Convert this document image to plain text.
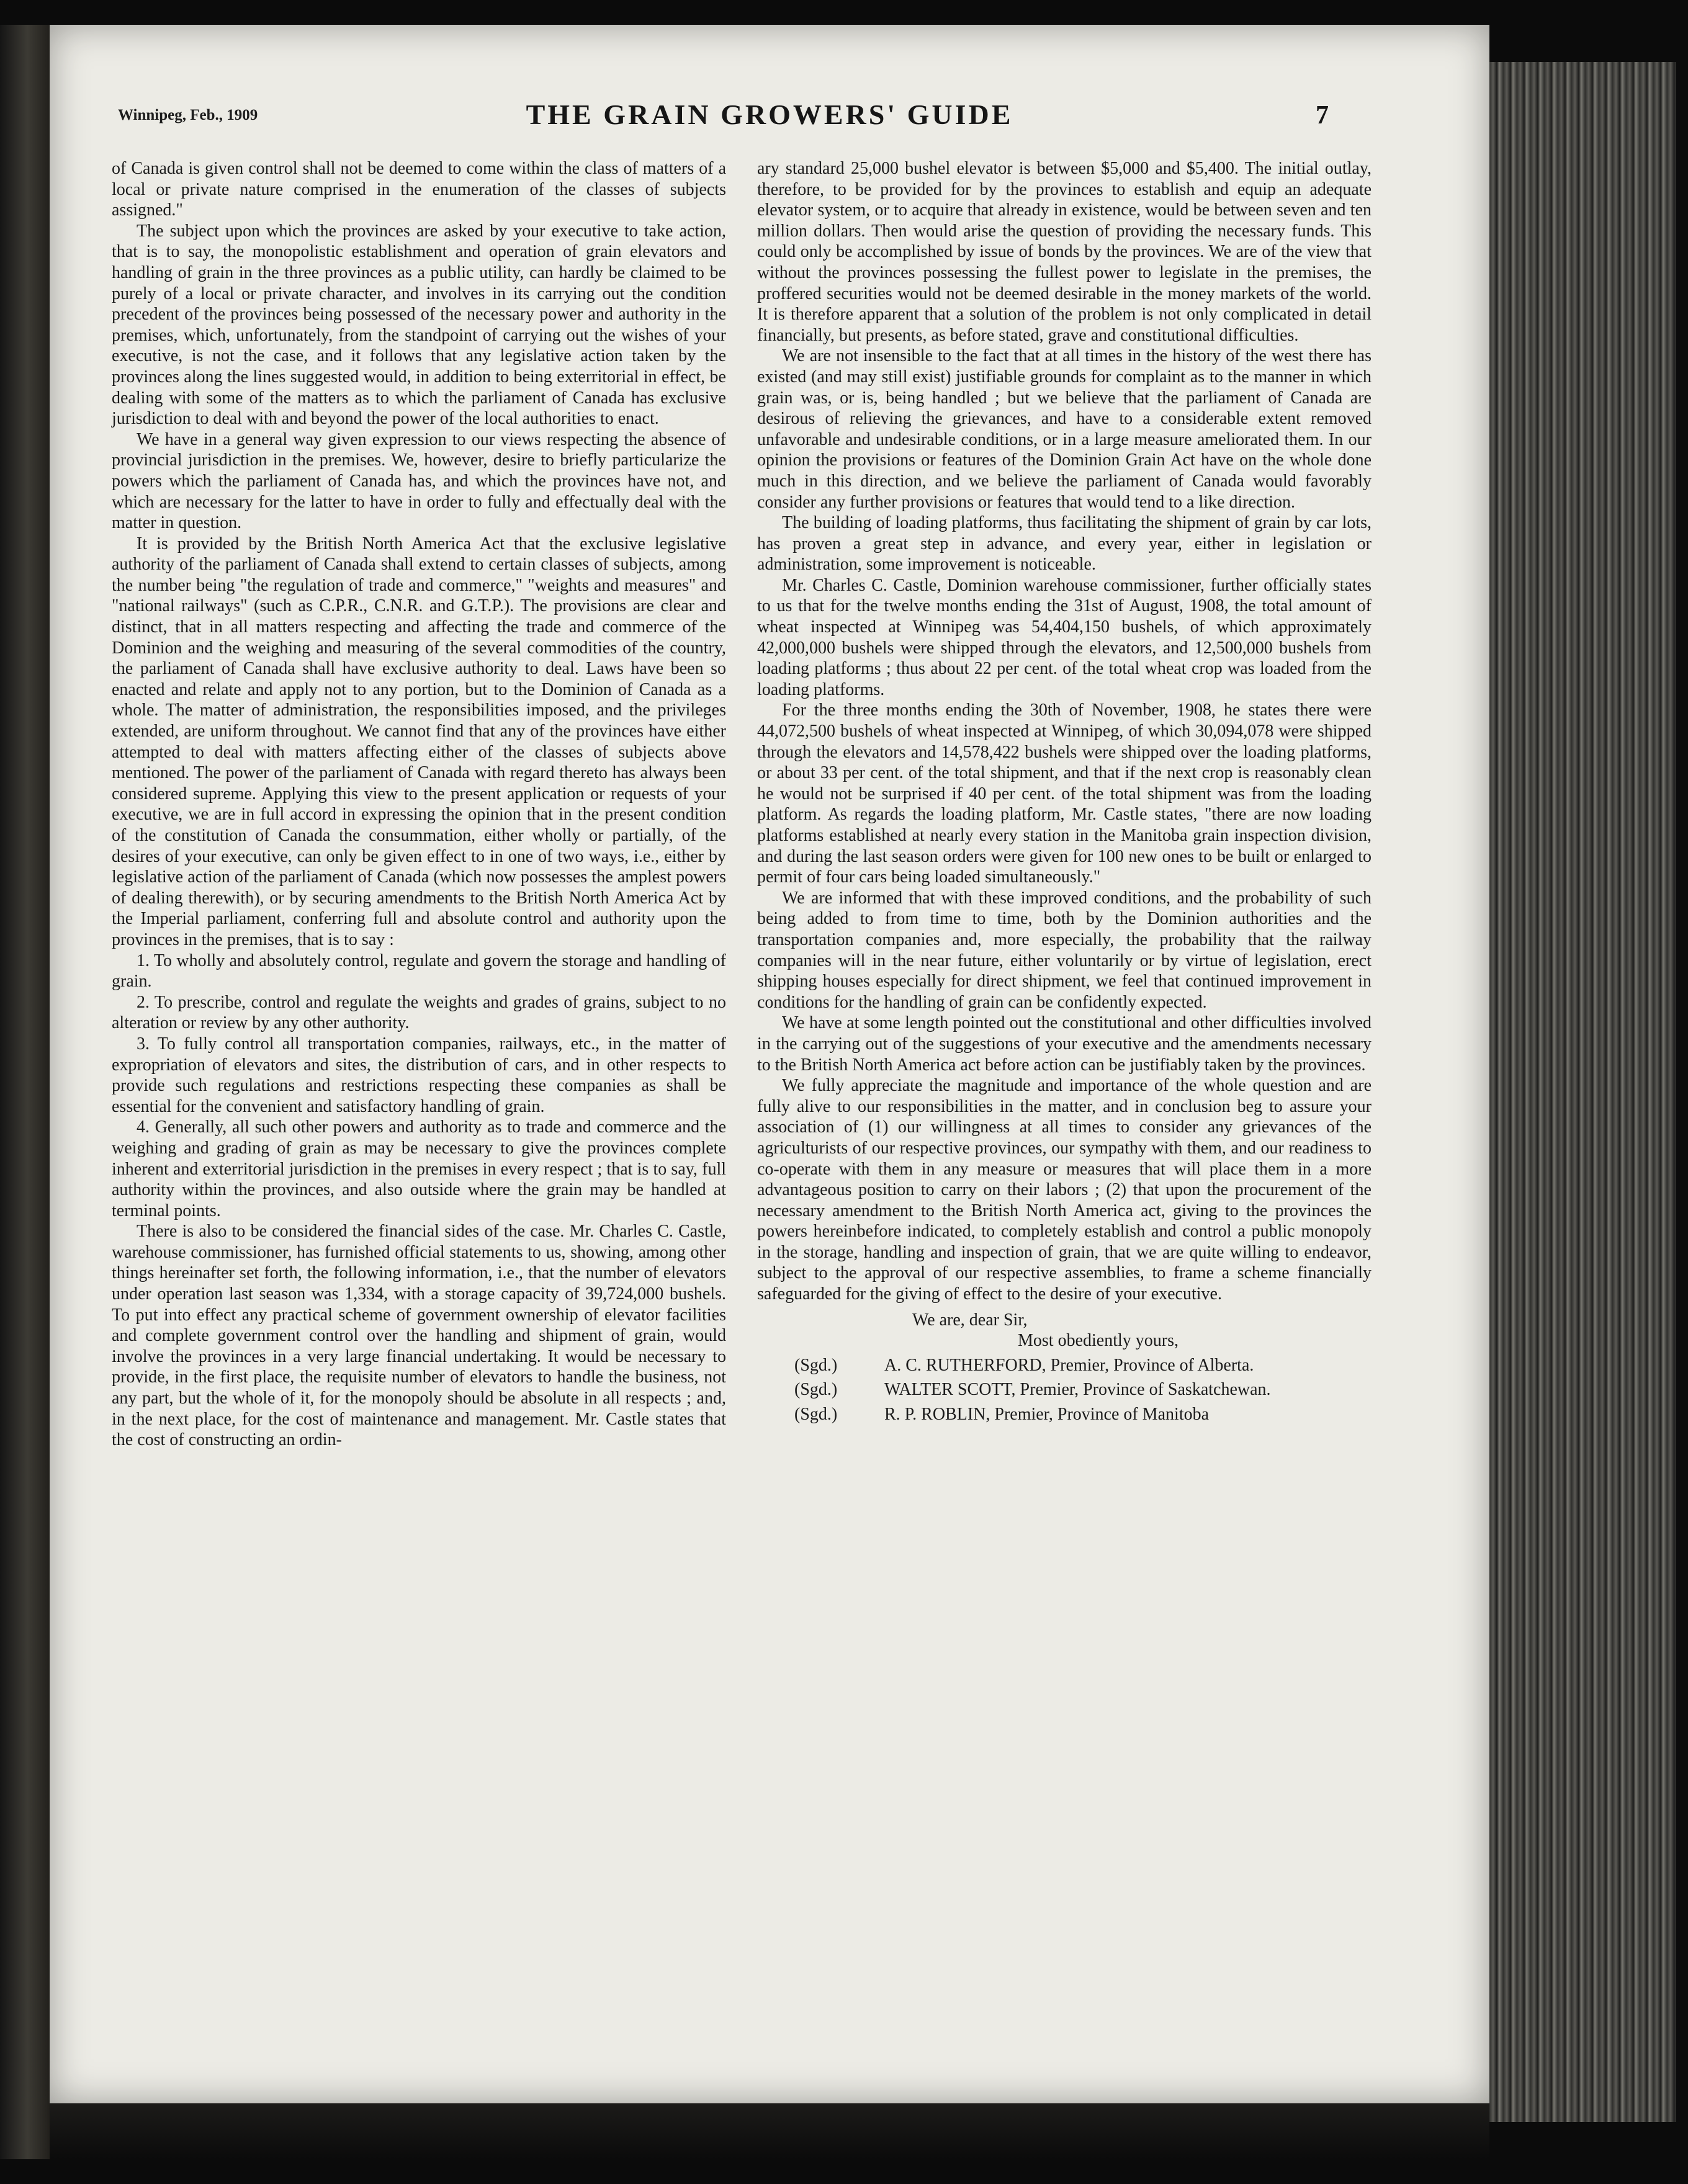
Winnipeg, Feb., 1909	THE GRAIN GROWERS' GUIDE	7

of Canada is given control shall not be deemed to come within the class of matters of a local or private nature comprised in the enumeration of the classes of subjects assigned."

The subject upon which the provinces are asked by your executive to take action, that is to say, the monopolistic establishment and operation of grain elevators and handling of grain in the three provinces as a public utility, can hardly be claimed to be purely of a local or private character, and involves in its carrying out the condition precedent of the provinces being possessed of the necessary power and authority in the premises, which, unfortunately, from the standpoint of carrying out the wishes of your executive, is not the case, and it follows that any legislative action taken by the provinces along the lines suggested would, in addition to being exterritorial in effect, be dealing with some of the matters as to which the parliament of Canada has exclusive jurisdiction to deal with and beyond the power of the local authorities to enact.

We have in a general way given expression to our views respecting the absence of provincial jurisdiction in the premises. We, however, desire to briefly particularize the powers which the parliament of Canada has, and which the provinces have not, and which are necessary for the latter to have in order to fully and effectually deal with the matter in question.

It is provided by the British North America Act that the exclusive legislative authority of the parliament of Canada shall extend to certain classes of subjects, among the number being "the regulation of trade and commerce," "weights and measures" and "national railways" (such as C.P.R., C.N.R. and G.T.P.). The provisions are clear and distinct, that in all matters respecting and affecting the trade and commerce of the Dominion and the weighing and measuring of the several commodities of the country, the parliament of Canada shall have exclusive authority to deal. Laws have been so enacted and relate and apply not to any portion, but to the Dominion of Canada as a whole. The matter of administration, the responsibilities imposed, and the privileges extended, are uniform throughout. We cannot find that any of the provinces have either attempted to deal with matters affecting either of the classes of subjects above mentioned. The power of the parliament of Canada with regard thereto has always been considered supreme. Applying this view to the present application or requests of your executive, we are in full accord in expressing the opinion that in the present condition of the constitution of Canada the consummation, either wholly or partially, of the desires of your executive, can only be given effect to in one of two ways, i.e., either by legislative action of the parliament of Canada (which now possesses the amplest powers of dealing therewith), or by securing amendments to the British North America Act by the Imperial parliament, conferring full and absolute control and authority upon the provinces in the premises, that is to say :

1. To wholly and absolutely control, regulate and govern the storage and handling of grain.

2. To prescribe, control and regulate the weights and grades of grains, subject to no alteration or review by any other authority.

3. To fully control all transportation companies, railways, etc., in the matter of expropriation of elevators and sites, the distribution of cars, and in other respects to provide such regulations and restrictions respecting these companies as shall be essential for the convenient and satisfactory handling of grain.

4. Generally, all such other powers and authority as to trade and commerce and the weighing and grading of grain as may be necessary to give the provinces complete inherent and exterritorial jurisdiction in the premises in every respect ; that is to say, full authority within the provinces, and also outside where the grain may be handled at terminal points.

There is also to be considered the financial sides of the case. Mr. Charles C. Castle, warehouse commissioner, has furnished official statements to us, showing, among other things hereinafter set forth, the following information, i.e., that the number of elevators under operation last season was 1,334, with a storage capacity of 39,724,000 bushels. To put into effect any practical scheme of government ownership of elevator facilities and complete government control over the handling and shipment of grain, would involve the provinces in a very large financial undertaking. It would be necessary to provide, in the first place, the requisite number of elevators to handle the business, not any part, but the whole of it, for the monopoly should be absolute in all respects ; and, in the next place, for the cost of maintenance and management. Mr. Castle states that the cost of constructing an ordin-

ary standard 25,000 bushel elevator is between $5,000 and $5,400. The initial outlay, therefore, to be provided for by the provinces to establish and equip an adequate elevator system, or to acquire that already in existence, would be between seven and ten million dollars. Then would arise the question of providing the necessary funds. This could only be accomplished by issue of bonds by the provinces. We are of the view that without the provinces possessing the fullest power to legislate in the premises, the proffered securities would not be deemed desirable in the money markets of the world. It is therefore apparent that a solution of the problem is not only complicated in detail financially, but presents, as before stated, grave and constitutional difficulties.

We are not insensible to the fact that at all times in the history of the west there has existed (and may still exist) justifiable grounds for complaint as to the manner in which grain was, or is, being handled ; but we believe that the parliament of Canada are desirous of relieving the grievances, and have to a considerable extent removed unfavorable and undesirable conditions, or in a large measure ameliorated them. In our opinion the provisions or features of the Dominion Grain Act have on the whole done much in this direction, and we believe the parliament of Canada would favorably consider any further provisions or features that would tend to a like direction.

The building of loading platforms, thus facilitating the shipment of grain by car lots, has proven a great step in advance, and every year, either in legislation or administration, some improvement is noticeable.

Mr. Charles C. Castle, Dominion warehouse commissioner, further officially states to us that for the twelve months ending the 31st of August, 1908, the total amount of wheat inspected at Winnipeg was 54,404,150 bushels, of which approximately 42,000,000 bushels were shipped through the elevators, and 12,500,000 bushels from loading platforms ; thus about 22 per cent. of the total wheat crop was loaded from the loading platforms.

For the three months ending the 30th of November, 1908, he states there were 44,072,500 bushels of wheat inspected at Winnipeg, of which 30,094,078 were shipped through the elevators and 14,578,422 bushels were shipped over the loading platforms, or about 33 per cent. of the total shipment, and that if the next crop is reasonably clean he would not be surprised if 40 per cent. of the total shipment was from the loading platform. As regards the loading platform, Mr. Castle states, "there are now loading platforms established at nearly every station in the Manitoba grain inspection division, and during the last season orders were given for 100 new ones to be built or enlarged to permit of four cars being loaded simultaneously."

We are informed that with these improved conditions, and the probability of such being added to from time to time, both by the Dominion authorities and the transportation companies and, more especially, the probability that the railway companies will in the near future, either voluntarily or by virtue of legislation, erect shipping houses especially for direct shipment, we feel that continued improvement in conditions for the handling of grain can be confidently expected.

We have at some length pointed out the constitutional and other difficulties involved in the carrying out of the suggestions of your executive and the amendments necessary to the British North America act before action can be justifiably taken by the provinces.

We fully appreciate the magnitude and importance of the whole question and are fully alive to our responsibilities in the matter, and in conclusion beg to assure your association of (1) our willingness at all times to consider any grievances of the agriculturists of our respective provinces, our sympathy with them, and our readiness to co-operate with them in any measure or measures that will place them in a more advantageous position to carry on their labors ; (2) that upon the procurement of the necessary amendment to the British North America act, giving to the provinces the powers hereinbefore indicated, to completely establish and control a public monopoly in the storage, handling and inspection of grain, that we are quite willing to endeavor, subject to the approval of our respective assemblies, to frame a scheme financially safeguarded for the giving of effect to the desire of your executive.

We are, dear Sir,
Most obediently yours,
(Sgd.)	A. C. RUTHERFORD, Premier, Province of Alberta.
(Sgd.)	WALTER SCOTT, Premier, Province of Saskatchewan.
(Sgd.)	R. P. ROBLIN, Premier, Province of Manitoba
